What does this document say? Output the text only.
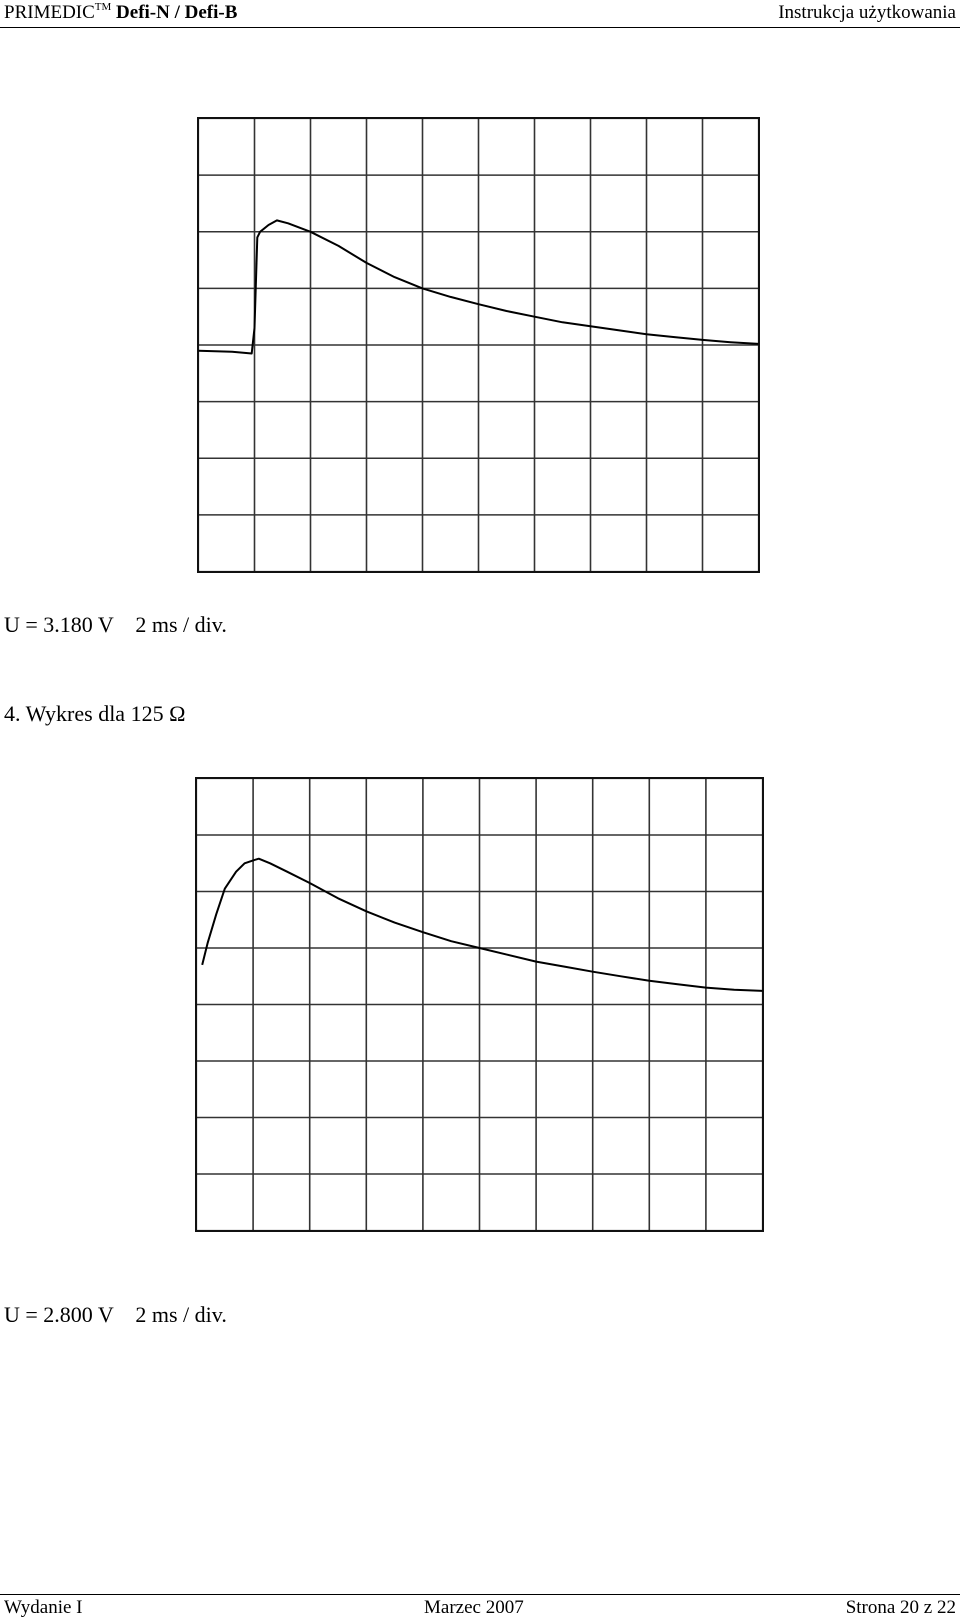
PRIMEDIC™ Defi-N / Defi-B	Instrukcja użytkowania
U = 3.180 V    2 ms / div.
4. Wykres dla 125 Ω
U = 2.800 V    2 ms / div.
Wydanie I	Marzec 2007	Strona 20 z 22
